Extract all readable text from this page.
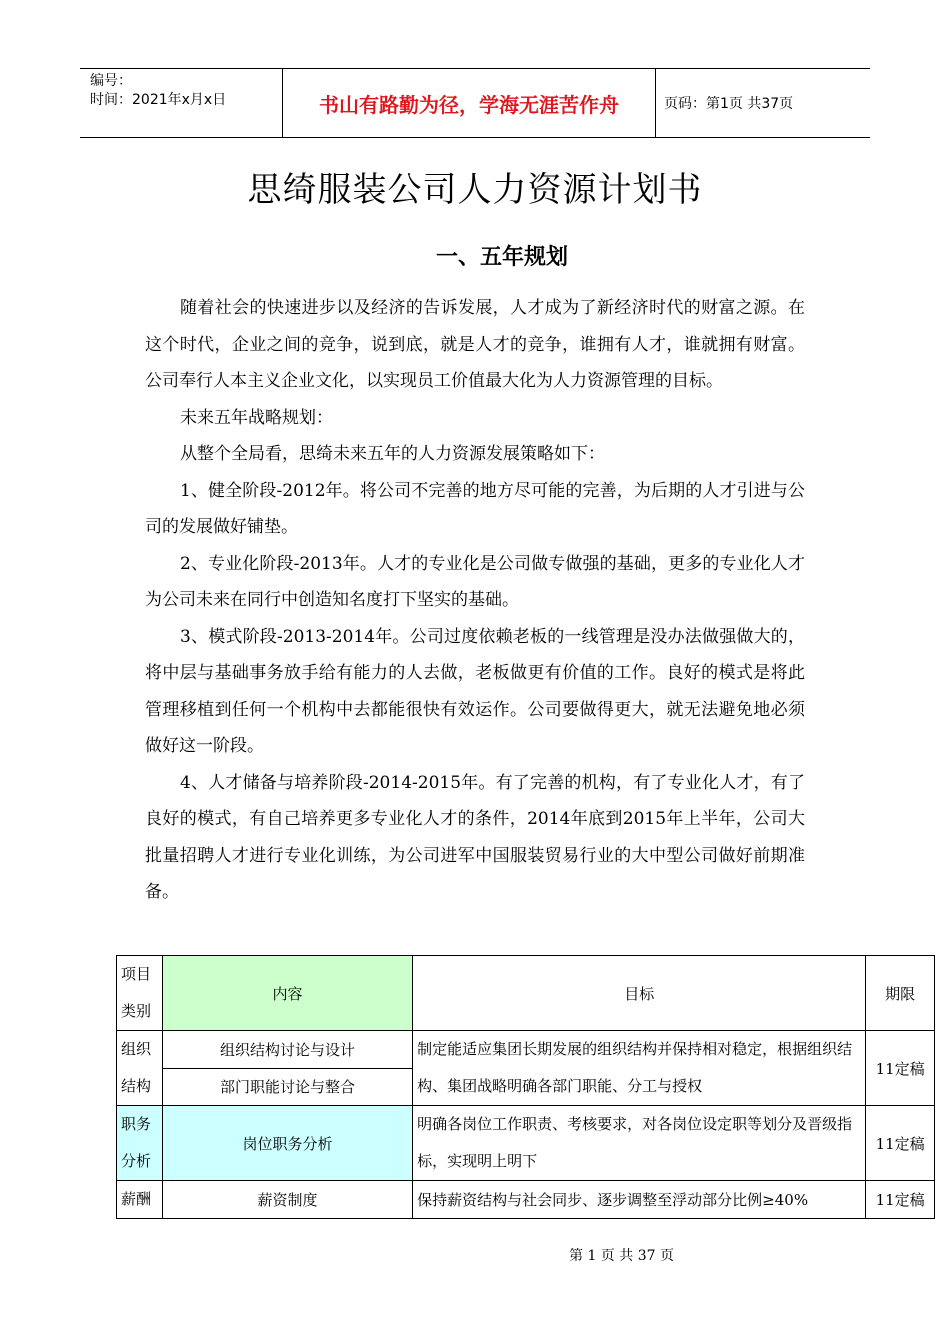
编号：
时间：2021年x月x日	书山有路勤为径，学海无涯苦作舟	页码：第1页 共37页
思绮服装公司人力资源计划书
一、五年规划

随着社会的快速进步以及经济的告诉发展，人才成为了新经济时代的财富之源。在这个时代，企业之间的竞争，说到底，就是人才的竞争，谁拥有人才，谁就拥有财富。公司奉行人本主义企业文化，以实现员工价值最大化为人力资源管理的目标。

未来五年战略规划：

从整个全局看，思绮未来五年的人力资源发展策略如下：

1、健全阶段-2012年。将公司不完善的地方尽可能的完善，为后期的人才引进与公司的发展做好铺垫。

2、专业化阶段-2013年。人才的专业化是公司做专做强的基础，更多的专业化人才为公司未来在同行中创造知名度打下坚实的基础。

3、模式阶段-2013-2014年。公司过度依赖老板的一线管理是没办法做强做大的，将中层与基础事务放手给有能力的人去做，老板做更有价值的工作。良好的模式是将此管理移植到任何一个机构中去都能很快有效运作。公司要做得更大，就无法避免地必须做好这一阶段。

4、人才储备与培养阶段-2014-2015年。有了完善的机构，有了专业化人才，有了良好的模式，有自己培养更多专业化人才的条件，2014年底到2015年上半年，公司大批量招聘人才进行专业化训练，为公司进军中国服装贸易行业的大中型公司做好前期准备。

项目类别	内容	目标	期限
组织结构	组织结构讨论与设计	制定能适应集团长期发展的组织结构并保持相对稳定，根据组织结构、集团战略明确各部门职能、分工与授权	11定稿
	部门职能讨论与整合		
职务分析	岗位职务分析	明确各岗位工作职责、考核要求，对各岗位设定职等划分及晋级指标，实现明上明下	11定稿
薪酬	薪资制度	保持薪资结构与社会同步、逐步调整至浮动部分比例≥40%	11定稿
第 1 页 共 37 页
